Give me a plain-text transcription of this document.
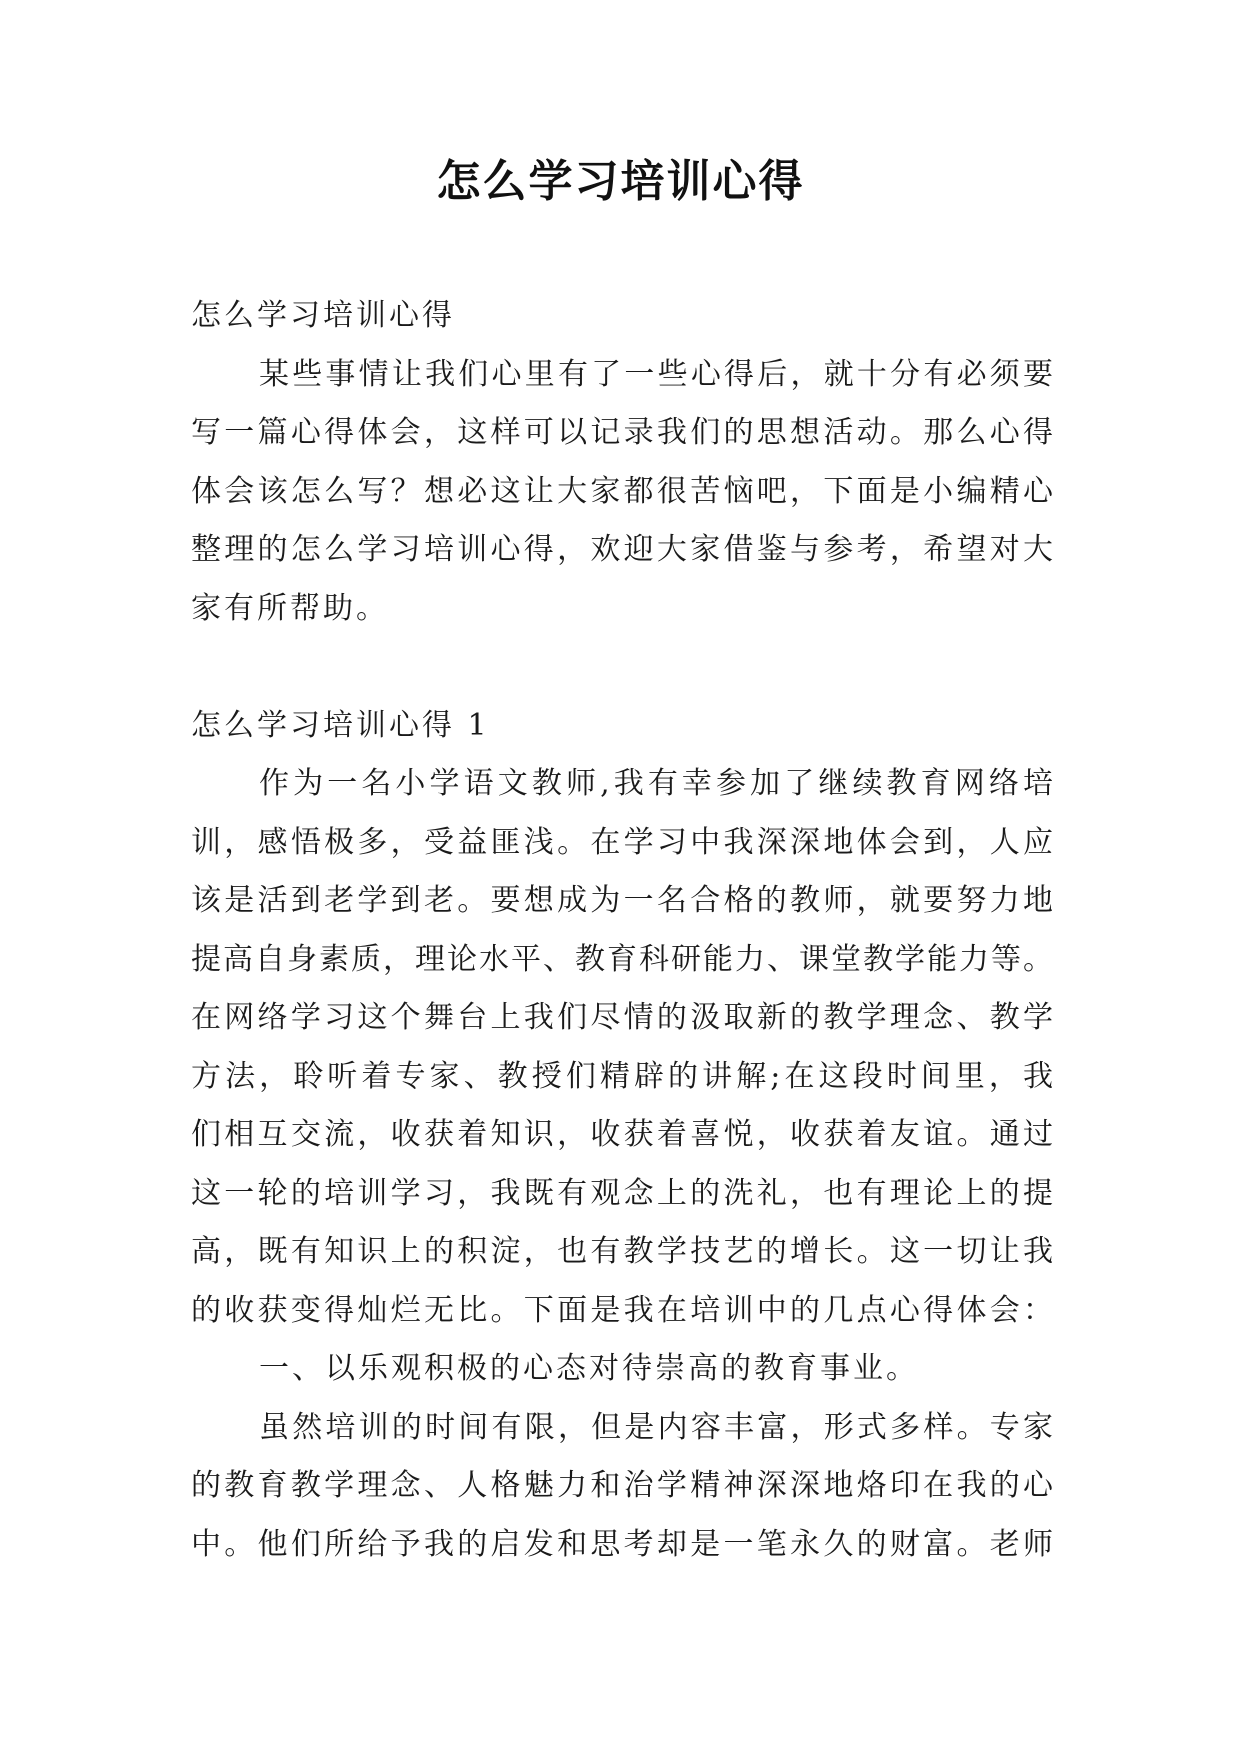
怎么学习培训心得
怎么学习培训心得
某些事情让我们心里有了一些心得后，就十分有必须要
写一篇心得体会，这样可以记录我们的思想活动。那么心得
体会该怎么写？想必这让大家都很苦恼吧，下面是小编精心
整理的怎么学习培训心得，欢迎大家借鉴与参考，希望对大
家有所帮助。
怎么学习培训心得 1
作为一名小学语文教师,我有幸参加了继续教育网络培
训，感悟极多，受益匪浅。在学习中我深深地体会到，人应
该是活到老学到老。要想成为一名合格的教师，就要努力地
提高自身素质，理论水平、教育科研能力、课堂教学能力等。
在网络学习这个舞台上我们尽情的汲取新的教学理念、教学
方法，聆听着专家、教授们精辟的讲解;在这段时间里，我
们相互交流，收获着知识，收获着喜悦，收获着友谊。通过
这一轮的培训学习，我既有观念上的洗礼，也有理论上的提
高，既有知识上的积淀，也有教学技艺的增长。这一切让我
的收获变得灿烂无比。下面是我在培训中的几点心得体会：
一、以乐观积极的心态对待崇高的教育事业。
虽然培训的时间有限，但是内容丰富，形式多样。专家
的教育教学理念、人格魅力和治学精神深深地烙印在我的心
中。他们所给予我的启发和思考却是一笔永久的财富。老师
